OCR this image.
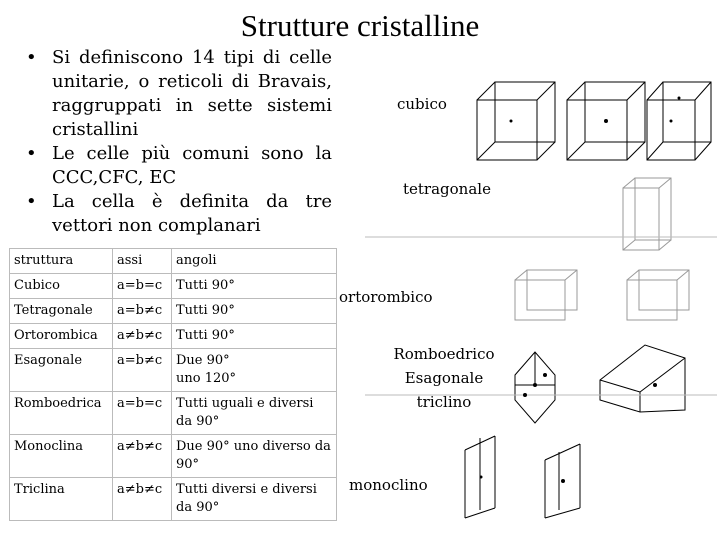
Strutture cristalline
• Si definiscono 14 tipi di celle unitarie, o reticoli di Bravais, raggruppati in sette sistemi cristallini
• Le celle più comuni sono la CCC,CFC, EC
• La cella è definita da tre vettori non complanari
struttura	assi	angoli
Cubico	a=b=c	Tutti 90°
Tetragonale	a=b≠c	Tutti 90°
Ortorombica	a≠b≠c	Tutti 90°
Esagonale	a=b≠c	Due 90°
uno 120°
Romboedrica	a=b=c	Tutti uguali e diversi da 90°
Monoclina	a≠b≠c	Due 90° uno diverso da 90°
Triclina	a≠b≠c	Tutti diversi e diversi da 90°
cubico
tetragonale
ortorombico
Romboedrico
Esagonale
triclino
monoclino
